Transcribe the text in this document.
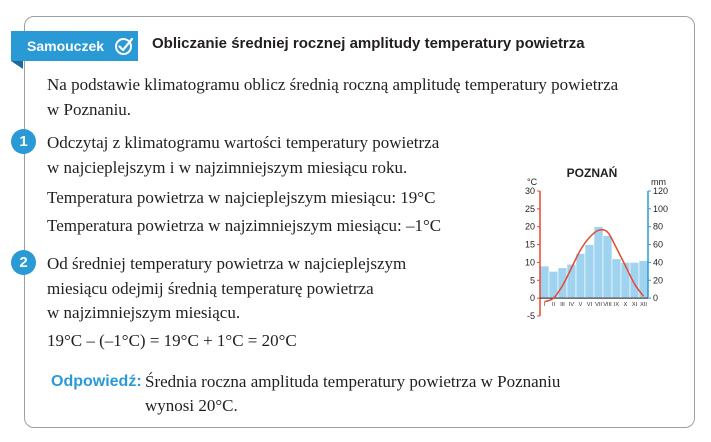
Samouczek	Obliczanie średniej rocznej amplitudy temperatury powietrza
Na podstawie klimatogramu oblicz średnią roczną amplitudę temperatury powietrza
w Poznaniu.
1	Odczytaj z klimatogramu wartości temperatury powietrza
w najcieplejszym i w najzimniejszym miesiącu roku.
Temperatura powietrza w najcieplejszym miesiącu: 19°C
Temperatura powietrza w najzimniejszym miesiącu: –1°C
2	Od średniej temperatury powietrza w najcieplejszym
miesiącu odejmij średnią temperaturę powietrza
w najzimniejszym miesiącu.
19°C – (–1°C) = 19°C + 1°C = 20°C
Odpowiedź: Średnia roczna amplituda temperatury powietrza w Poznaniu
wynosi 20°C.
POZNAŃ
°C	mm
30
25
20
15
10
5
0
-5
120
100
80
60
40
20
0
I II III IV V VI VII VIII IX X XI XII
